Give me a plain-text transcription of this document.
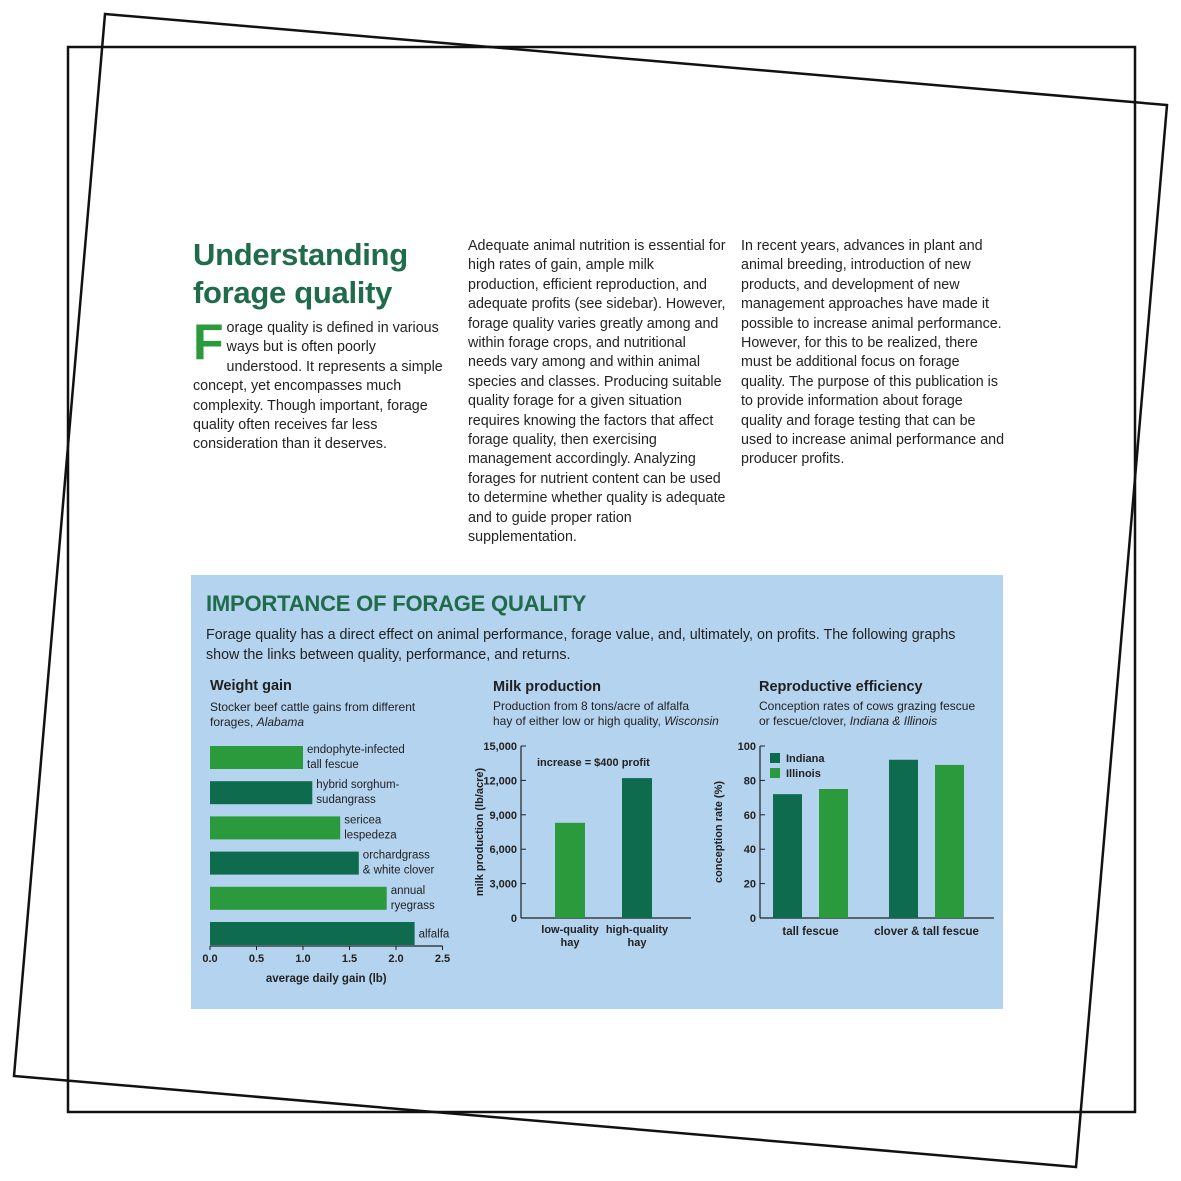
Understanding
forage quality
Forage quality is defined in various ways but is often poorly understood. It represents a simple concept, yet encompasses much complexity. Though important, forage quality often receives far less consideration than it deserves.
Adequate animal nutrition is essential for high rates of gain, ample milk production, efficient reproduction, and adequate profits (see sidebar). However, forage quality varies greatly among and within forage crops, and nutritional needs vary among and within animal species and classes. Producing suitable quality forage for a given situation requires knowing the factors that affect forage quality, then exercising management accordingly. Analyzing forages for nutrient content can be used to determine whether quality is adequate and to guide proper ration supplementation.
In recent years, advances in plant and animal breeding, introduction of new products, and development of new management approaches have made it possible to increase animal performance. However, for this to be realized, there must be additional focus on forage quality. The purpose of this publication is to provide information about forage quality and forage testing that can be used to increase animal performance and producer profits.
IMPORTANCE OF FORAGE QUALITY
Forage quality has a direct effect on animal performance, forage value, and, ultimately, on profits. The following graphs show the links between quality, performance, and returns.
Weight gain
Stocker beef cattle gains from different
forages, Alabama
Milk production
Production from 8 tons/acre of alfalfa
hay of either low or high quality, Wisconsin
Reproductive efficiency
Conception rates of cows grazing fescue
or fescue/clover, Indiana & Illinois
endophyte-infected
tall fescue
hybrid sorghum-
sudangrass
sericea
lespedeza
orchardgrass
& white clover
annual
ryegrass
alfalfa
0.0	0.5	1.0	1.5	2.0	2.5
average daily gain (lb)
0
3,000
6,000
9,000
12,000
15,000
low-quality
hay
high-quality
hay
increase = $400 profit
milk production (lb/acre)
0
20
40
60
80
100
tall fescue	clover & tall fescue
Indiana
Illinois
conception rate (%)
